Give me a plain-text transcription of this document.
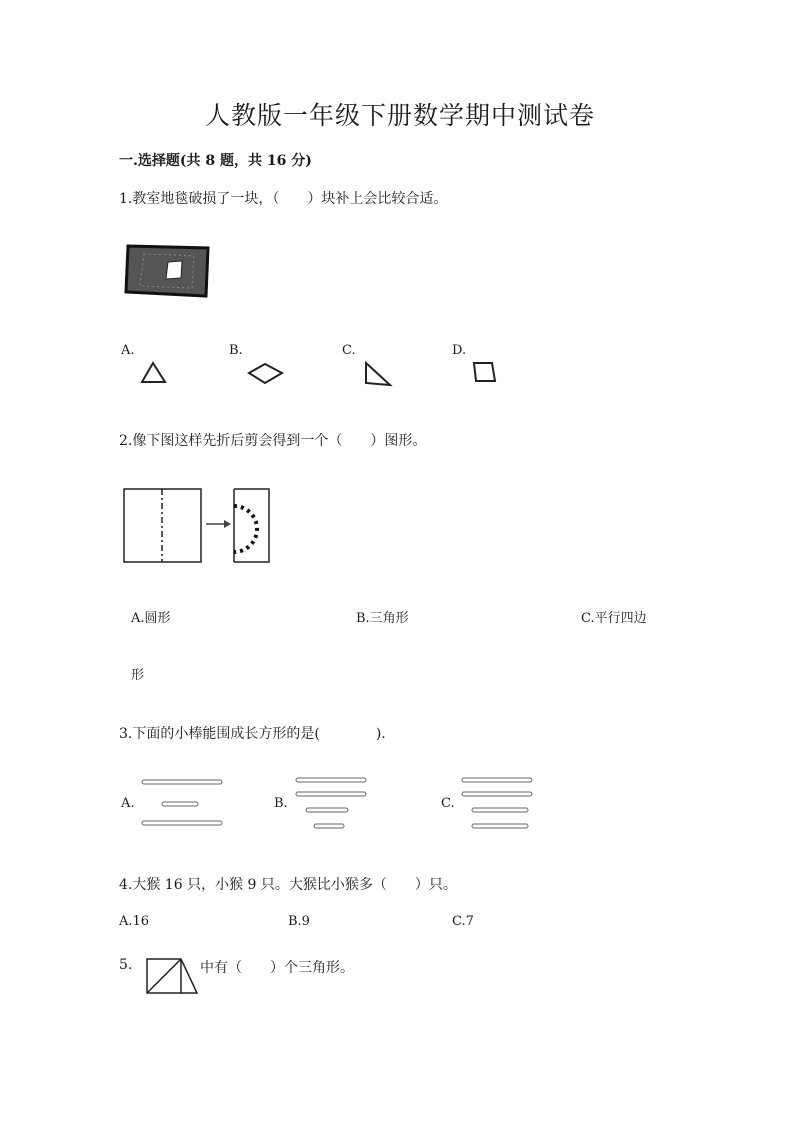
人教版一年级下册数学期中测试卷
一.选择题(共 8 题，共 16 分)
1.教室地毯破损了一块，（　　）块补上会比较合适。
A.	B.	C.	D.
2.像下图这样先折后剪会得到一个（　　）图形。
A.圆形	B.三角形	C.平行四边
形
3.下面的小棒能围成长方形的是(　　　　).
A.	B.	C.
4.大猴 16 只，小猴 9 只。大猴比小猴多（　　）只。
A.16	B.9	C.7
5.	中有（　　）个三角形。
